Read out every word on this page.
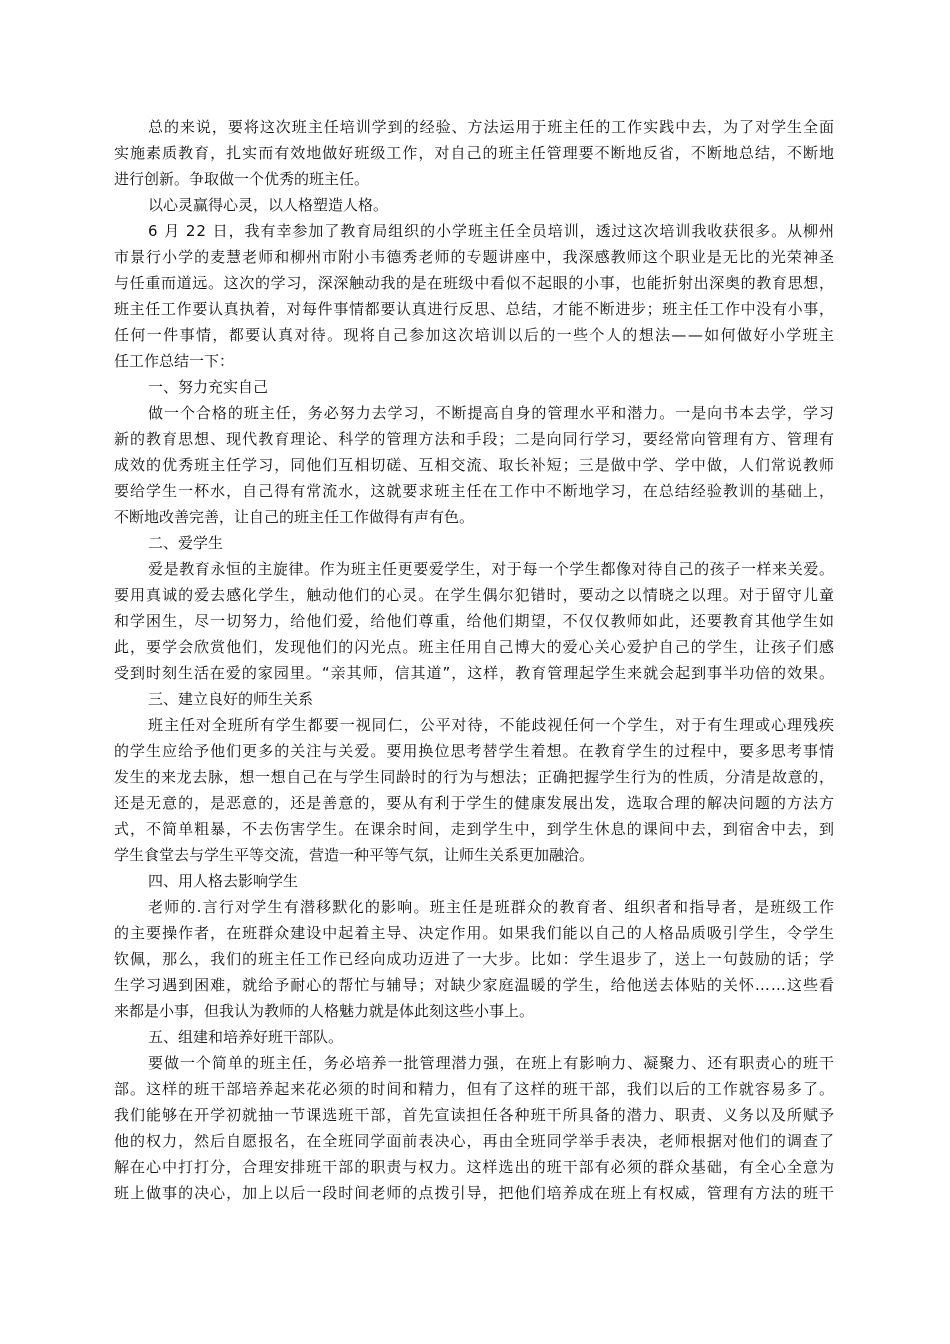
总的来说，要将这次班主任培训学到的经验、方法运用于班主任的工作实践中去，为了对学生全面
实施素质教育，扎实而有效地做好班级工作，对自己的班主任管理要不断地反省，不断地总结，不断地
进行创新。争取做一个优秀的班主任。
以心灵赢得心灵，以人格塑造人格。
6 月 22 日，我有幸参加了教育局组织的小学班主任全员培训，透过这次培训我收获很多。从柳州
市景行小学的麦慧老师和柳州市附小韦德秀老师的专题讲座中，我深感教师这个职业是无比的光荣神圣
与任重而道远。这次的学习，深深触动我的是在班级中看似不起眼的小事，也能折射出深奥的教育思想，
班主任工作要认真执着，对每件事情都要认真进行反思、总结，才能不断进步；班主任工作中没有小事，
任何一件事情，都要认真对待。现将自己参加这次培训以后的一些个人的想法——如何做好小学班主
任工作总结一下：
一、努力充实自己
做一个合格的班主任，务必努力去学习，不断提高自身的管理水平和潜力。一是向书本去学，学习
新的教育思想、现代教育理论、科学的管理方法和手段；二是向同行学习，要经常向管理有方、管理有
成效的优秀班主任学习，同他们互相切磋、互相交流、取长补短；三是做中学、学中做，人们常说教师
要给学生一杯水，自己得有常流水，这就要求班主任在工作中不断地学习，在总结经验教训的基础上，
不断地改善完善，让自己的班主任工作做得有声有色。
二、爱学生
爱是教育永恒的主旋律。作为班主任更要爱学生，对于每一个学生都像对待自己的孩子一样来关爱。
要用真诚的爱去感化学生，触动他们的心灵。在学生偶尔犯错时，要动之以情晓之以理。对于留守儿童
和学困生，尽一切努力，给他们爱，给他们尊重，给他们期望，不仅仅教师如此，还要教育其他学生如
此，要学会欣赏他们，发现他们的闪光点。班主任用自己博大的爱心关心爱护自己的学生，让孩子们感
受到时刻生活在爱的家园里。“亲其师，信其道”，这样，教育管理起学生来就会起到事半功倍的效果。
三、建立良好的师生关系
班主任对全班所有学生都要一视同仁，公平对待，不能歧视任何一个学生，对于有生理或心理残疾
的学生应给予他们更多的关注与关爱。要用换位思考替学生着想。在教育学生的过程中，要多思考事情
发生的来龙去脉，想一想自己在与学生同龄时的行为与想法；正确把握学生行为的性质，分清是故意的，
还是无意的，是恶意的，还是善意的，要从有利于学生的健康发展出发，选取合理的解决问题的方法方
式，不简单粗暴，不去伤害学生。在课余时间，走到学生中，到学生休息的课间中去，到宿舍中去，到
学生食堂去与学生平等交流，营造一种平等气氛，让师生关系更加融洽。
四、用人格去影响学生
老师的.言行对学生有潜移默化的影响。班主任是班群众的教育者、组织者和指导者，是班级工作
的主要操作者，在班群众建设中起着主导、决定作用。如果我们能以自己的人格品质吸引学生，令学生
钦佩，那么，我们的班主任工作已经向成功迈进了一大步。比如：学生退步了，送上一句鼓励的话；学
生学习遇到困难，就给予耐心的帮忙与辅导；对缺少家庭温暖的学生，给他送去体贴的关怀……这些看
来都是小事，但我认为教师的人格魅力就是体此刻这些小事上。
五、组建和培养好班干部队。
要做一个简单的班主任，务必培养一批管理潜力强，在班上有影响力、凝聚力、还有职责心的班干
部。这样的班干部培养起来花必须的时间和精力，但有了这样的班干部，我们以后的工作就容易多了。
我们能够在开学初就抽一节课选班干部，首先宣读担任各种班干所具备的潜力、职责、义务以及所赋予
他的权力，然后自愿报名，在全班同学面前表决心，再由全班同学举手表决，老师根据对他们的调查了
解在心中打打分，合理安排班干部的职责与权力。这样选出的班干部有必须的群众基础，有全心全意为
班上做事的决心，加上以后一段时间老师的点拨引导，把他们培养成在班上有权威，管理有方法的班干
